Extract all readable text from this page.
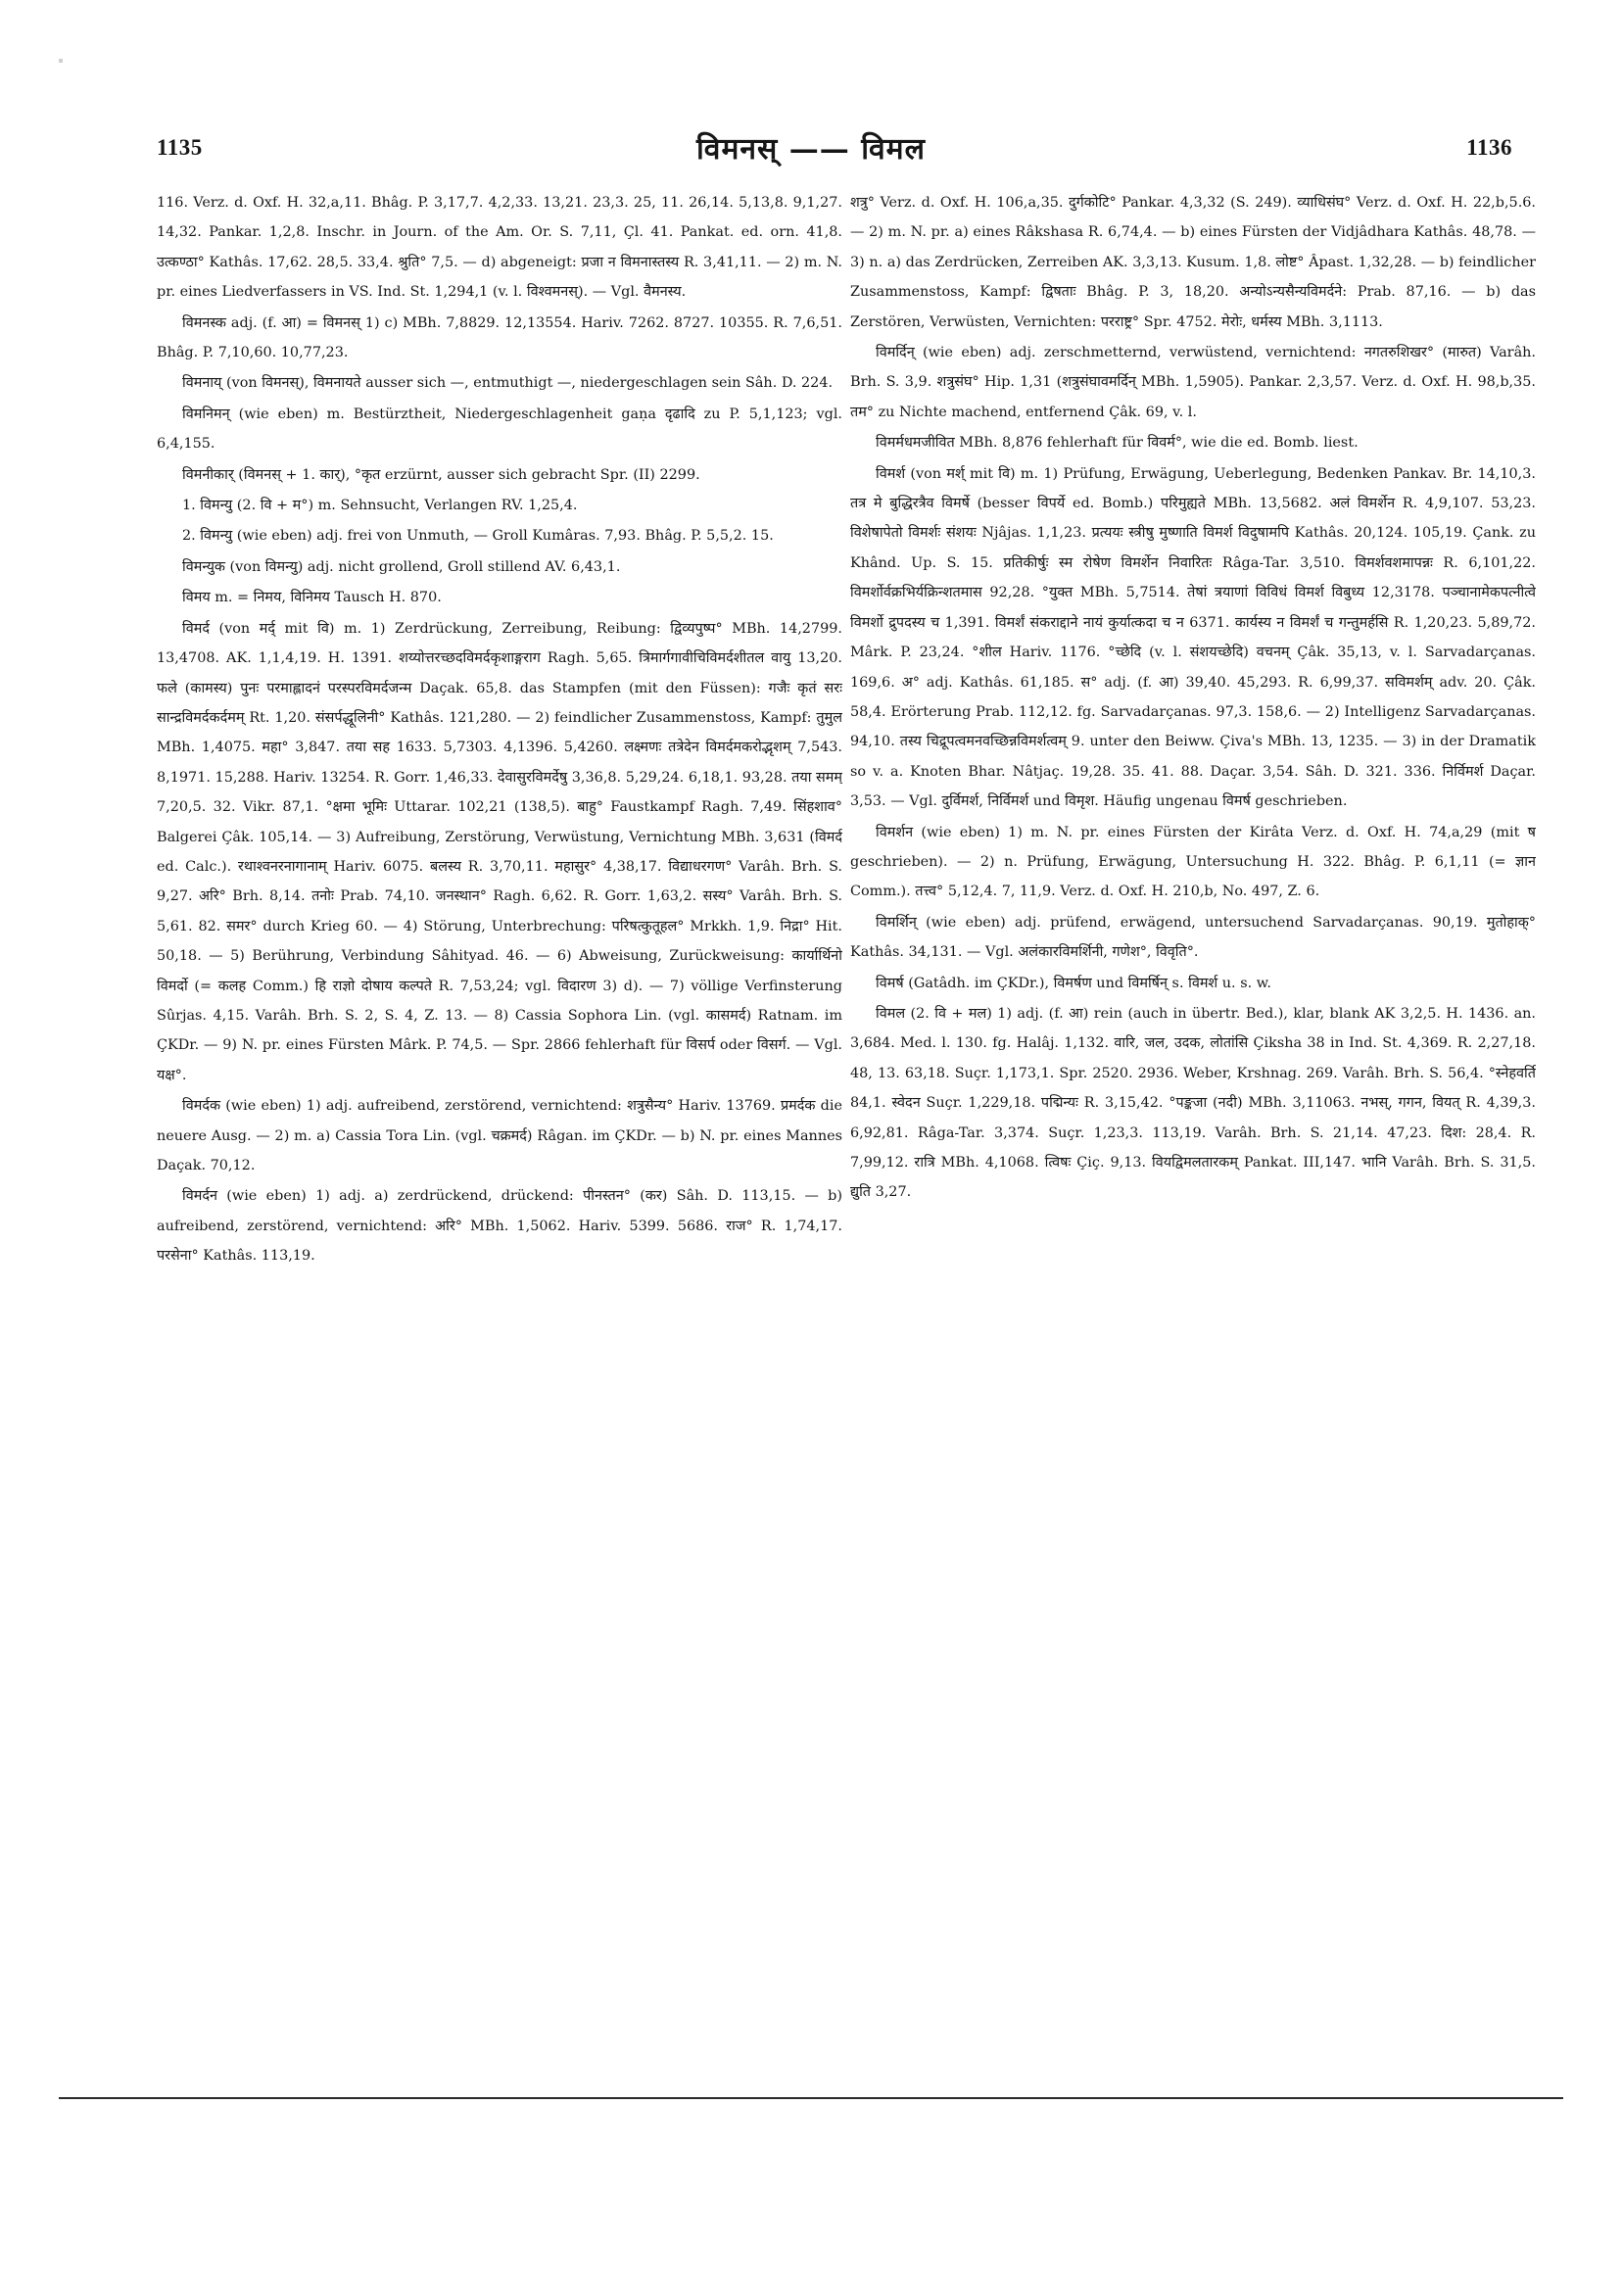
1135	विमनस् —— विमल	1136

116. Verz. d. Oxf. H. 32,a,11. Bhâg. P. 3,17,7. 4,2,33. 13,21. 23,3. 25, 11. 26,14. 5,13,8. 9,1,27. 14,32. Pankar. 1,2,8. Inschr. in Journ. of the Am. Or. S. 7,11, Çl. 41. Pankat. ed. orn. 41,8. उत्कण्ठा° Kathâs. 17,62. 28,5. 33,4. श्रुति° 7,5. — d) abgeneigt: प्रजा न विमनास्तस्य R. 3,41,11. — 2) m. N. pr. eines Liedverfassers in VS. Ind. St. 1,294,1 (v. l. विश्वमनस्). — Vgl. वैमनस्य.

विमनस्क adj. (f. आ) = विमनस् 1) c) MBh. 7,8829. 12,13554. Hariv. 7262. 8727. 10355. R. 7,6,51. Bhâg. P. 7,10,60. 10,77,23.

विमनाय् (von विमनस्), विमनायते ausser sich —, entmuthigt —, niedergeschlagen sein Sâh. D. 224.

विमनिमन् (wie eben) m. Bestürztheit, Niedergeschlagenheit gaṇa दृढादि zu P. 5,1,123; vgl. 6,4,155.

विमनीकार् (विमनस् + 1. कार्), °कृत erzürnt, ausser sich gebracht Spr. (II) 2299.

1. विमन्यु (2. वि + म°) m. Sehnsucht, Verlangen RV. 1,25,4.

2. विमन्यु (wie eben) adj. frei von Unmuth, — Groll Kumâras. 7,93. Bhâg. P. 5,5,2. 15.

विमन्युक (von विमन्यु) adj. nicht grollend, Groll stillend AV. 6,43,1.

विमय m. = निमय, विनिमय Tausch H. 870.

विमर्द (von मर्द् mit वि) m. 1) Zerdrückung, Zerreibung, Reibung: द्विव्यपुष्प° MBh. 14,2799. 13,4708. AK. 1,1,4,19. H. 1391. शय्योत्तरच्छदविमर्दकृशाङ्गराग Ragh. 5,65. त्रिमार्गगावीचिविमर्दशीतल वायु 13,20. फले (कामस्य) पुनः परमाह्लादनं परस्परविमर्दजन्म Daçak. 65,8. das Stampfen (mit den Füssen): गजैः कृतं सरः सान्द्रविमर्दकर्दमम् Rt. 1,20. संसर्पद्धूलिनी° Kathâs. 121,280. — 2) feindlicher Zusammenstoss, Kampf: तुमुल MBh. 1,4075. महा° 3,847. तया सह 1633. 5,7303. 4,1396. 5,4260. लक्ष्मणः तत्रेदेन विमर्दमकरोद्भृशम् 7,543. 8,1971. 15,288. Hariv. 13254. R. Gorr. 1,46,33. देवासुरविमर्देषु 3,36,8. 5,29,24. 6,18,1. 93,28. तया समम् 7,20,5. 32. Vikr. 87,1. °क्षमा भूमिः Uttarar. 102,21 (138,5). बाहु° Faustkampf Ragh. 7,49. सिंहशाव° Balgerei Çâk. 105,14. — 3) Aufreibung, Zerstörung, Verwüstung, Vernichtung MBh. 3,631 (विमर्द ed. Calc.). रथाश्वनरनागानाम् Hariv. 6075. बलस्य R. 3,70,11. महासुर° 4,38,17. विद्याधरगण° Varâh. Brh. S. 9,27. अरि° Brh. 8,14. तनोः Prab. 74,10. जनस्थान° Ragh. 6,62. R. Gorr. 1,63,2. सस्य° Varâh. Brh. S. 5,61. 82. समर° durch Krieg 60. — 4) Störung, Unterbrechung: परिषत्कुतूहल° Mrkkh. 1,9. निद्रा° Hit. 50,18. — 5) Berührung, Verbindung Sâhityad. 46. — 6) Abweisung, Zurückweisung: कार्यार्थिनो विमर्दो (= कलह Comm.) हि राज्ञो दोषाय कल्पते R. 7,53,24; vgl. विदारण 3) d). — 7) völlige Verfinsterung Sûrjas. 4,15. Varâh. Brh. S. 2, S. 4, Z. 13. — 8) Cassia Sophora Lin. (vgl. कासमर्द) Ratnam. im ÇKDr. — 9) N. pr. eines Fürsten Mârk. P. 74,5. — Spr. 2866 fehlerhaft für विसर्प oder विसर्ग. — Vgl. यक्ष°.

विमर्दक (wie eben) 1) adj. aufreibend, zerstörend, vernichtend: शत्रुसैन्य° Hariv. 13769. प्रमर्दक die neuere Ausg. — 2) m. a) Cassia Tora Lin. (vgl. चक्रमर्द) Râgan. im ÇKDr. — b) N. pr. eines Mannes Daçak. 70,12.

विमर्दन (wie eben) 1) adj. a) zerdrückend, drückend: पीनस्तन° (कर) Sâh. D. 113,15. — b) aufreibend, zerstörend, vernichtend: अरि° MBh. 1,5062. Hariv. 5399. 5686. राज° R. 1,74,17. परसेना° Kathâs. 113,19.

शत्रु° Verz. d. Oxf. H. 106,a,35. दुर्गकोटि° Pankar. 4,3,32 (S. 249). व्याधिसंघ° Verz. d. Oxf. H. 22,b,5.6. — 2) m. N. pr. a) eines Râkshasa R. 6,74,4. — b) eines Fürsten der Vidjâdhara Kathâs. 48,78. — 3) n. a) das Zerdrücken, Zerreiben AK. 3,3,13. Kusum. 1,8. लोष्ट° Âpast. 1,32,28. — b) feindlicher Zusammenstoss, Kampf: द्विषताः Bhâg. P. 3, 18,20. अन्योऽन्यसैन्यविमर्दने: Prab. 87,16. — b) das Zerstören, Verwüsten, Vernichten: परराष्ट्र° Spr. 4752. मेरोः, धर्मस्य MBh. 3,1113.

विमर्दिन् (wie eben) adj. zerschmetternd, verwüstend, vernichtend: नगतरुशिखर° (मारुत) Varâh. Brh. S. 3,9. शत्रुसंघ° Hip. 1,31 (शत्रुसंघावमर्दिन् MBh. 1,5905). Pankar. 2,3,57. Verz. d. Oxf. H. 98,b,35. तम° zu Nichte machend, entfernend Çâk. 69, v. l.

विमर्मधमजीवित MBh. 8,876 fehlerhaft für विवर्म°, wie die ed. Bomb. liest.

विमर्श (von मर्श् mit वि) m. 1) Prüfung, Erwägung, Ueberlegung, Bedenken Pankav. Br. 14,10,3. तत्र मे बुद्धिरत्रैव विमर्षे (besser विपर्ये ed. Bomb.) परिमुह्यते MBh. 13,5682. अलं विमर्शेन R. 4,9,107. 53,23. विशेषापेतो विमर्शः संशयः Njâjas. 1,1,23. प्रत्ययः स्त्रीषु मुष्णाति विमर्श विदुषामपि Kathâs. 20,124. 105,19. Çank. zu Khând. Up. S. 15. प्रतिकीर्षुः स्म रोषेण विमर्शेन निवारितः Râga-Tar. 3,510. विमर्शवशमापन्नः R. 6,101,22. विमर्शोर्वक्रभिर्यक्रिन्शतमास 92,28. °युक्त MBh. 5,7514. तेषां त्रयाणां विविधं विमर्श विबुध्य 12,3178. पञ्चानामेकपत्नीत्वे विमर्शो द्रुपदस्य च 1,391. विमर्शं संकराद्दाने नायं कुर्यात्कदा च न 6371. कार्यस्य न विमर्शं च गन्तुमर्हसि R. 1,20,23. 5,89,72. Mârk. P. 23,24. °शील Hariv. 1176. °च्छेदि (v. l. संशयच्छेदि) वचनम् Çâk. 35,13, v. l. Sarvadarçanas. 169,6. अ° adj. Kathâs. 61,185. स° adj. (f. आ) 39,40. 45,293. R. 6,99,37. सविमर्शम् adv. 20. Çâk. 58,4. Erörterung Prab. 112,12. fg. Sarvadarçanas. 97,3. 158,6. — 2) Intelligenz Sarvadarçanas. 94,10. तस्य चिद्रूपत्वमनवच्छिन्नविमर्शत्वम् 9. unter den Beiww. Çiva's MBh. 13, 1235. — 3) in der Dramatik so v. a. Knoten Bhar. Nâtjaç. 19,28. 35. 41. 88. Daçar. 3,54. Sâh. D. 321. 336. निर्विमर्श Daçar. 3,53. — Vgl. दुर्विमर्श, निर्विमर्श und विमृश. Häufig ungenau विमर्ष geschrieben.

विमर्शन (wie eben) 1) m. N. pr. eines Fürsten der Kirâta Verz. d. Oxf. H. 74,a,29 (mit ष geschrieben). — 2) n. Prüfung, Erwägung, Untersuchung H. 322. Bhâg. P. 6,1,11 (= ज्ञान Comm.). तत्त्व° 5,12,4. 7, 11,9. Verz. d. Oxf. H. 210,b, No. 497, Z. 6.

विमर्शिन् (wie eben) adj. prüfend, erwägend, untersuchend Sarvadarçanas. 90,19. मुतोहाक्° Kathâs. 34,131. — Vgl. अलंकारविमर्शिनी, गणेश°, विवृति°.

विमर्ष (Gatâdh. im ÇKDr.), विमर्षण und विमर्षिन् s. विमर्श u. s. w.

विमल (2. वि + मल) 1) adj. (f. आ) rein (auch in übertr. Bed.), klar, blank AK 3,2,5. H. 1436. an. 3,684. Med. l. 130. fg. Halâj. 1,132. वारि, जल, उदक, लोतांसि Çiksha 38 in Ind. St. 4,369. R. 2,27,18. 48, 13. 63,18. Suçr. 1,173,1. Spr. 2520. 2936. Weber, Krshnag. 269. Varâh. Brh. S. 56,4. °स्नेहवर्ति 84,1. स्वेदन Suçr. 1,229,18. पद्मिन्यः R. 3,15,42. °पङ्कजा (नदी) MBh. 3,11063. नभस्, गगन, वियत् R. 4,39,3. 6,92,81. Râga-Tar. 3,374. Suçr. 1,23,3. 113,19. Varâh. Brh. S. 21,14. 47,23. दिश: 28,4. R. 7,99,12. रात्रि MBh. 4,1068. त्विषः Çiç. 9,13. वियद्विमलतारकम् Pankat. III,147. भानि Varâh. Brh. S. 31,5. द्युति 3,27.
